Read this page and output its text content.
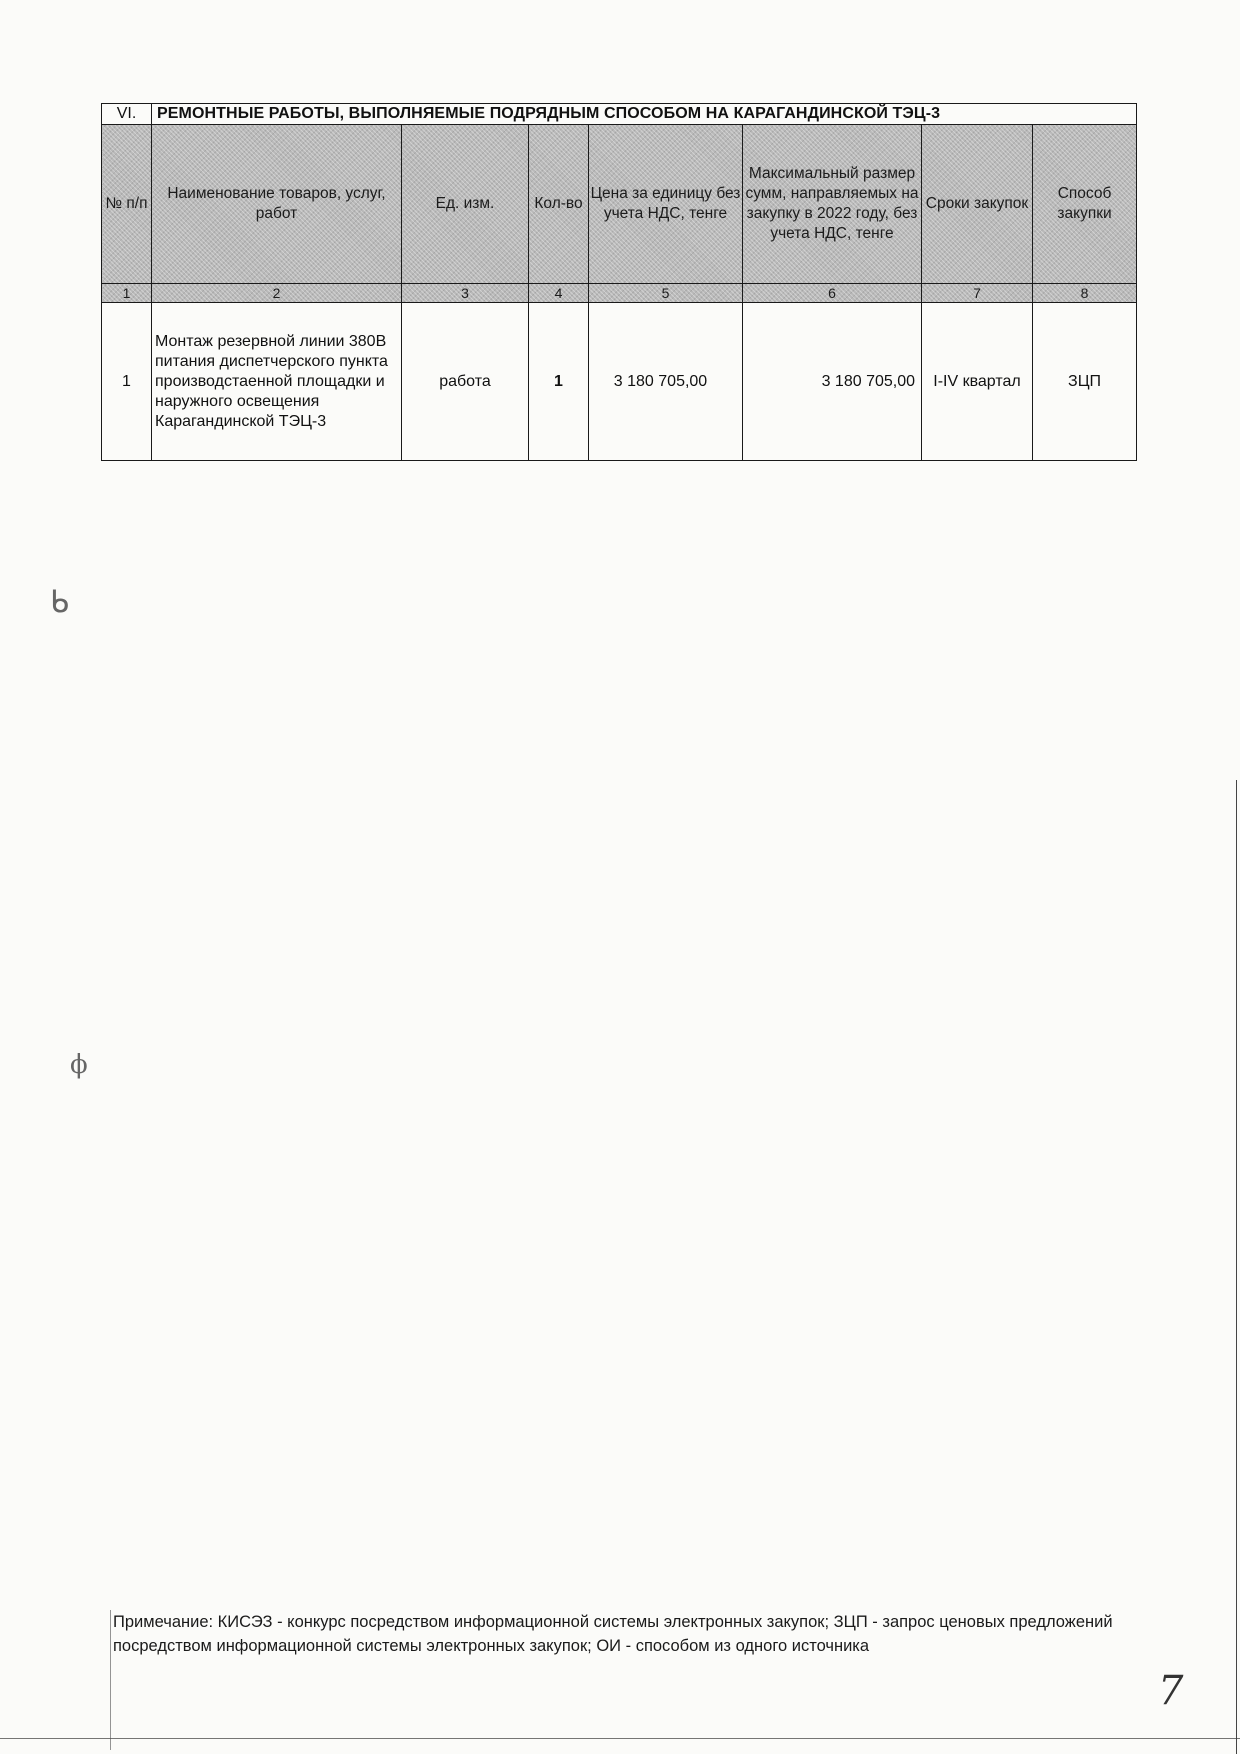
VI.	РЕМОНТНЫЕ РАБОТЫ, ВЫПОЛНЯЕМЫЕ ПОДРЯДНЫМ СПОСОБОМ НА КАРАГАНДИНСКОЙ ТЭЦ-3						
№ п/п	Наименование товаров, услуг, работ	Ед. изм.	Кол-во	Цена за единицу без учета НДС, тенге	Максимальный размер сумм, направляемых на закупку в 2022 году, без учета НДС, тенге	Сроки закупок	Способ закупки
1	2	3	4	5	6	7	8
1	Монтаж резервной линии 380В питания диспетчерского пункта производстаенной площадки и наружного освещения Карагандинской ТЭЦ-3	работа	1	3 180 705,00	3 180 705,00	I-IV квартал	ЗЦП
Примечание: КИСЭЗ - конкурс посредством информационной системы электронных закупок; ЗЦП - запрос ценовых предложений посредством информационной системы электронных закупок; ОИ - способом из одного источника
7
ᑲ
ϕ
